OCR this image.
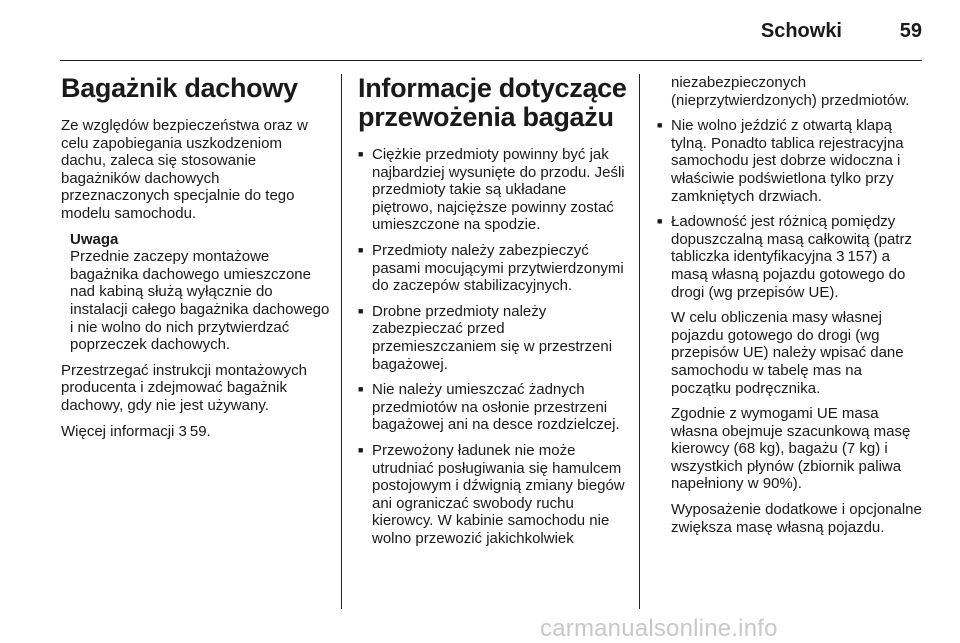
Schowki	59
Bagażnik dachowy

Ze względów bezpieczeństwa oraz w celu zapobiegania uszkodzeniom dachu, zaleca się stosowanie bagażników dachowych przeznaczonych specjalnie do tego modelu samochodu.

Uwaga
Przednie zaczepy montażowe bagażnika dachowego umieszczone nad kabiną służą wyłącznie do instalacji całego bagażnika dachowego i nie wolno do nich przytwierdzać poprzeczek dachowych.

Przestrzegać instrukcji montażowych producenta i zdejmować bagażnik dachowy, gdy nie jest używany.

Więcej informacji 3 59.

Informacje dotyczące przewożenia bagażu
■ Ciężkie przedmioty powinny być jak najbardziej wysunięte do przodu. Jeśli przedmioty takie są układane piętrowo, najcięższe powinny zostać umieszczone na spodzie.
■ Przedmioty należy zabezpieczyć pasami mocującymi przytwierdzonymi do zaczepów stabilizacyjnych.
■ Drobne przedmioty należy zabezpieczać przed przemieszczaniem się w przestrzeni bagażowej.
■ Nie należy umieszczać żadnych przedmiotów na osłonie przestrzeni bagażowej ani na desce rozdzielczej.
■ Przewożony ładunek nie może utrudniać posługiwania się hamulcem postojowym i dźwignią zmiany biegów ani ograniczać swobody ruchu kierowcy. W kabinie samochodu nie wolno przewozić jakichkolwiek

niezabezpieczonych (nieprzytwierdzonych) przedmiotów.

■ Nie wolno jeździć z otwartą klapą tylną. Ponadto tablica rejestracyjna samochodu jest dobrze widoczna i właściwie podświetlona tylko przy zamkniętych drzwiach.
■ Ładowność jest różnicą pomiędzy dopuszczalną masą całkowitą (patrz tabliczka identyfikacyjna 3 157) a masą własną pojazdu gotowego do drogi (wg przepisów UE).

W celu obliczenia masy własnej pojazdu gotowego do drogi (wg przepisów UE) należy wpisać dane samochodu w tabelę mas na początku podręcznika.

Zgodnie z wymogami UE masa własna obejmuje szacunkową masę kierowcy (68 kg), bagażu (7 kg) i wszystkich płynów (zbiornik paliwa napełniony w 90%).

Wyposażenie dodatkowe i opcjonalne zwiększa masę własną pojazdu.

carmanualsonline.info
